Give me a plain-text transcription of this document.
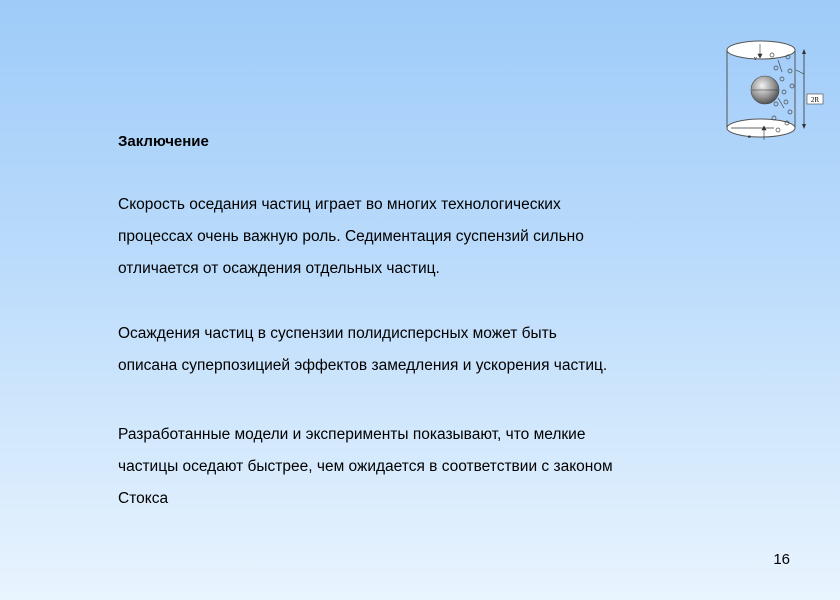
2R
v
a
Заключение

Скорость оседания частиц играет во многих технологических
процессах очень важную роль. Седиментация суспензий сильно
отличается от осаждения отдельных частиц.

Осаждения частиц в суспензии полидисперсных может быть
описана суперпозицией эффектов замедления и ускорения частиц.

Разработанные модели и эксперименты показывают, что мелкие
частицы оседают быстрее, чем ожидается в соответствии с законом
Стокса

16
